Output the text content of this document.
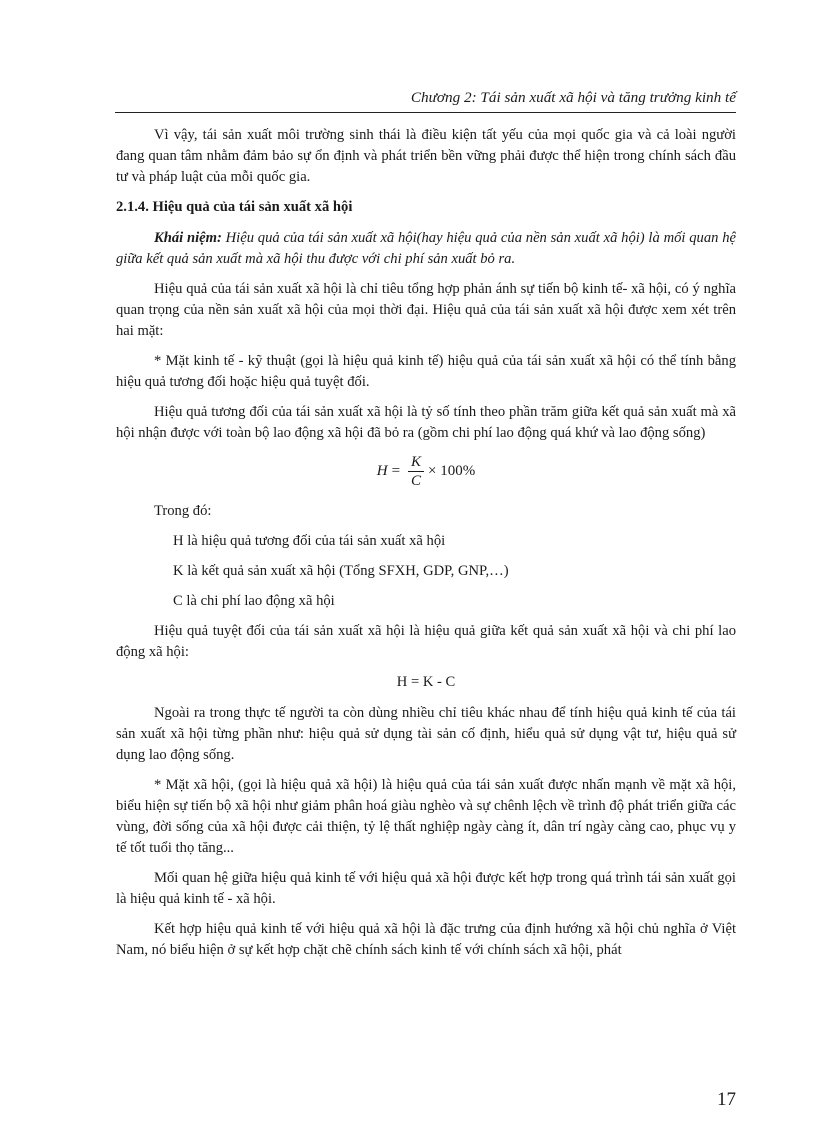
Chương 2: Tái sản xuất xã hội và tăng trưởng kinh tế

Vì vậy, tái sản xuất môi trường sinh thái là điều kiện tất yếu của mọi quốc gia và cả loài người đang quan tâm nhằm đảm bảo sự ổn định và phát triển bền vững phải được thể hiện trong chính sách đầu tư và pháp luật của mỗi quốc gia.

2.1.4. Hiệu quả của tái sản xuất xã hội

Khái niệm: Hiệu quả của tái sản xuất xã hội(hay hiệu quả của nền sản xuất xã hội) là mối quan hệ giữa kết quả sản xuất mà xã hội thu được với chi phí sản xuất bỏ ra.

Hiệu quả của tái sản xuất xã hội là chỉ tiêu tổng hợp phản ánh sự tiến bộ kinh tế- xã hội, có ý nghĩa quan trọng của nền sản xuất xã hội của mọi thời đại. Hiệu quả của tái sản xuất xã hội được xem xét trên hai mặt:

* Mặt kinh tế - kỹ thuật (gọi là hiệu quả kinh tế) hiệu quả của tái sản xuất xã hội có thể tính bằng hiệu quả tương đối hoặc hiệu quả tuyệt đối.

Hiệu quả tương đối của tái sản xuất xã hội là tỷ số tính theo phần trăm giữa kết quả sản xuất mà xã hội nhận được với toàn bộ lao động xã hội đã bỏ ra (gồm chi phí lao động quá khứ và lao động sống)

$H = \frac{K}{C} \times 100\%$

Trong đó:

H là hiệu quả tương đối của tái sản xuất xã hội

K là kết quả sản xuất xã hội (Tổng SFXH, GDP, GNP,…)

C là chi phí lao động xã hội

Hiệu quả tuyệt đối của tái sản xuất xã hội là hiệu quả giữa kết quả sản xuất xã hội và chi phí lao động xã hội:

H = K - C

Ngoài ra trong thực tế người ta còn dùng nhiều chỉ tiêu khác nhau để tính hiệu quả kinh tế của tái sản xuất xã hội từng phần như: hiệu quả sử dụng tài sản cố định, hiểu quả sử dụng vật tư, hiệu quả sử dụng lao động sống.

* Mặt xã hội, (gọi là hiệu quả xã hội) là hiệu quả của tái sản xuất được nhấn mạnh về mặt xã hội, biểu hiện sự tiến bộ xã hội như giảm phân hoá giàu nghèo và sự chênh lệch về trình độ phát triển giữa các vùng, đời sống của xã hội được cải thiện, tỷ lệ thất nghiệp ngày càng ít, dân trí ngày càng cao, phục vụ y tế tốt tuổi thọ tăng...

Mối quan hệ giữa hiệu quả kinh tế với hiệu quả xã hội được kết hợp trong quá trình tái sản xuất gọi là hiệu quả kinh tế - xã hội.

Kết hợp hiệu quả kinh tế với hiệu quả xã hội là đặc trưng của định hướng xã hội chủ nghĩa ở Việt Nam, nó biểu hiện ở sự kết hợp chặt chẽ chính sách kinh tế với chính sách xã hội, phát

17
